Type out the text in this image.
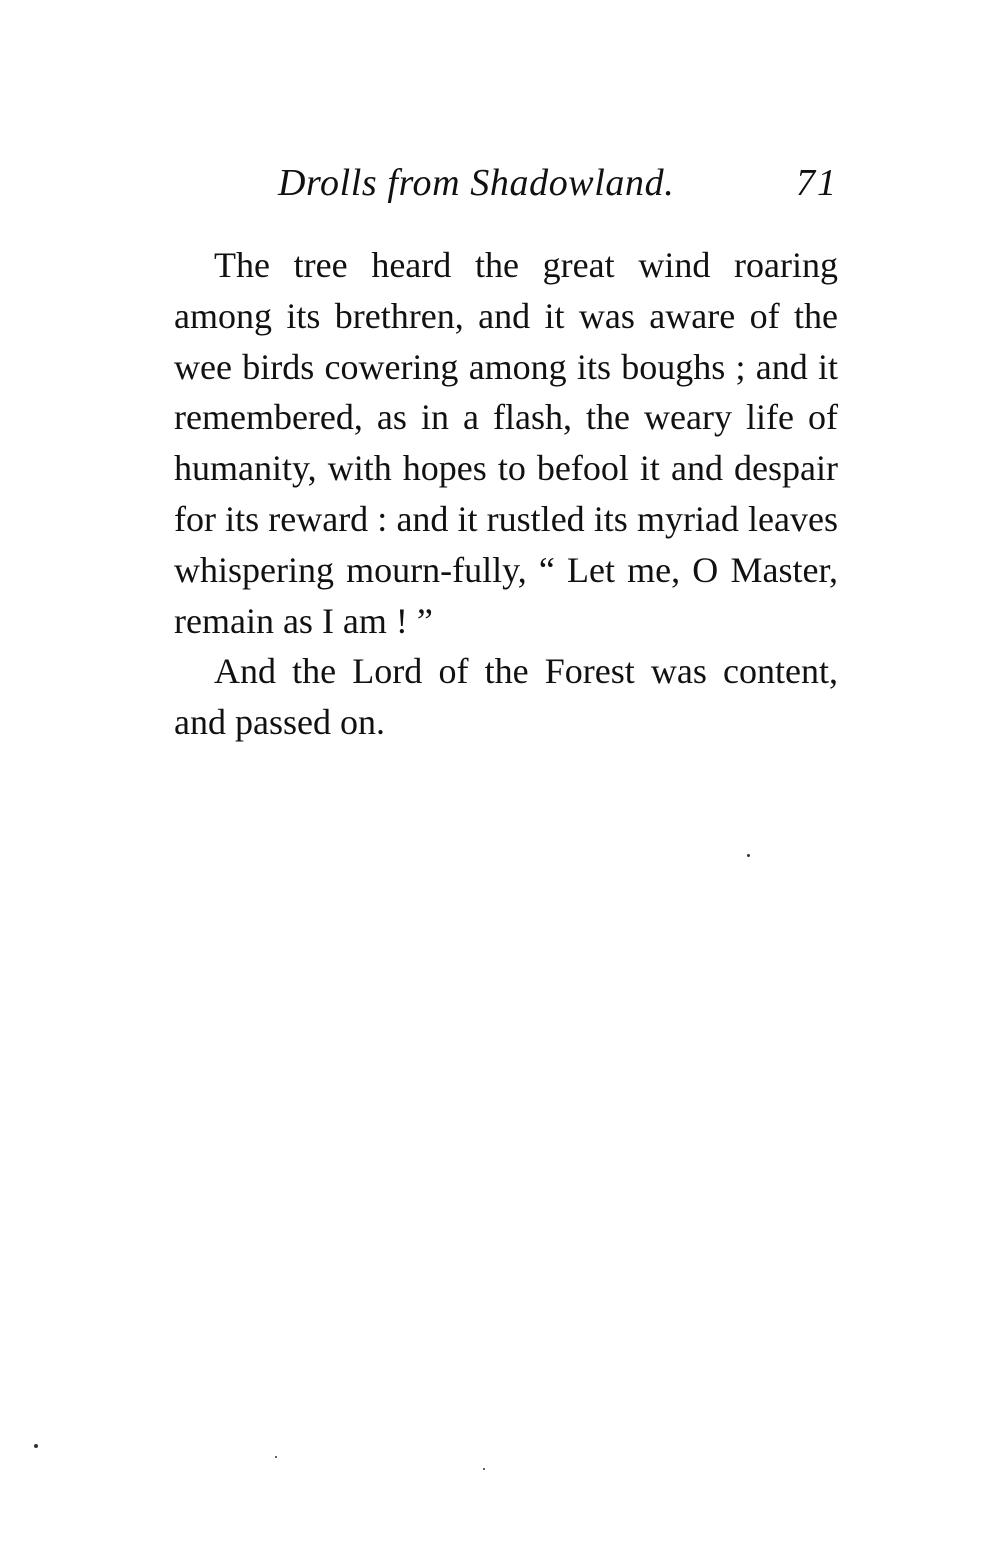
Drolls from Shadowland.	71

The tree heard the great wind roaring among its brethren, and it was aware of the wee birds cowering among its boughs ; and it remembered, as in a flash, the weary life of humanity, with hopes to befool it and despair for its reward : and it rustled its myriad leaves whispering mourn-fully, “ Let me, O Master, remain as I am ! ”

And the Lord of the Forest was content, and passed on.
